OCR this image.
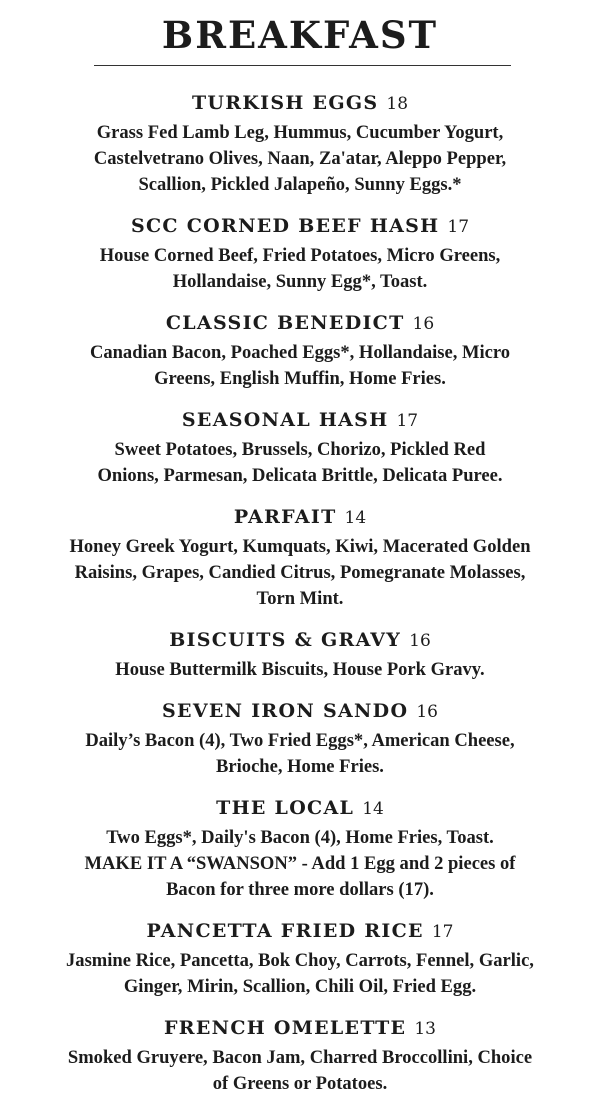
BREAKFAST
TURKISH EGGS 18
Grass Fed Lamb Leg, Hummus, Cucumber Yogurt,
Castelvetrano Olives, Naan, Za'atar, Aleppo Pepper,
Scallion, Pickled Jalapeño, Sunny Eggs.*
SCC CORNED BEEF HASH 17
House Corned Beef, Fried Potatoes, Micro Greens,
Hollandaise, Sunny Egg*, Toast.
CLASSIC BENEDICT 16
Canadian Bacon, Poached Eggs*, Hollandaise, Micro
Greens, English Muffin, Home Fries.
SEASONAL HASH 17
Sweet Potatoes, Brussels, Chorizo, Pickled Red
Onions, Parmesan, Delicata Brittle, Delicata Puree.
PARFAIT 14
Honey Greek Yogurt, Kumquats, Kiwi, Macerated Golden
Raisins, Grapes, Candied Citrus, Pomegranate Molasses,
Torn Mint.
BISCUITS & GRAVY 16
House Buttermilk Biscuits, House Pork Gravy.
SEVEN IRON SANDO 16
Daily’s Bacon (4), Two Fried Eggs*, American Cheese,
Brioche, Home Fries.
THE LOCAL 14
Two Eggs*, Daily's Bacon (4), Home Fries, Toast.
MAKE IT A “SWANSON” - Add 1 Egg and 2 pieces of
Bacon for three more dollars (17).
PANCETTA FRIED RICE 17
Jasmine Rice, Pancetta, Bok Choy, Carrots, Fennel, Garlic,
Ginger, Mirin, Scallion, Chili Oil, Fried Egg.
FRENCH OMELETTE 13
Smoked Gruyere, Bacon Jam, Charred Broccollini, Choice
of Greens or Potatoes.
